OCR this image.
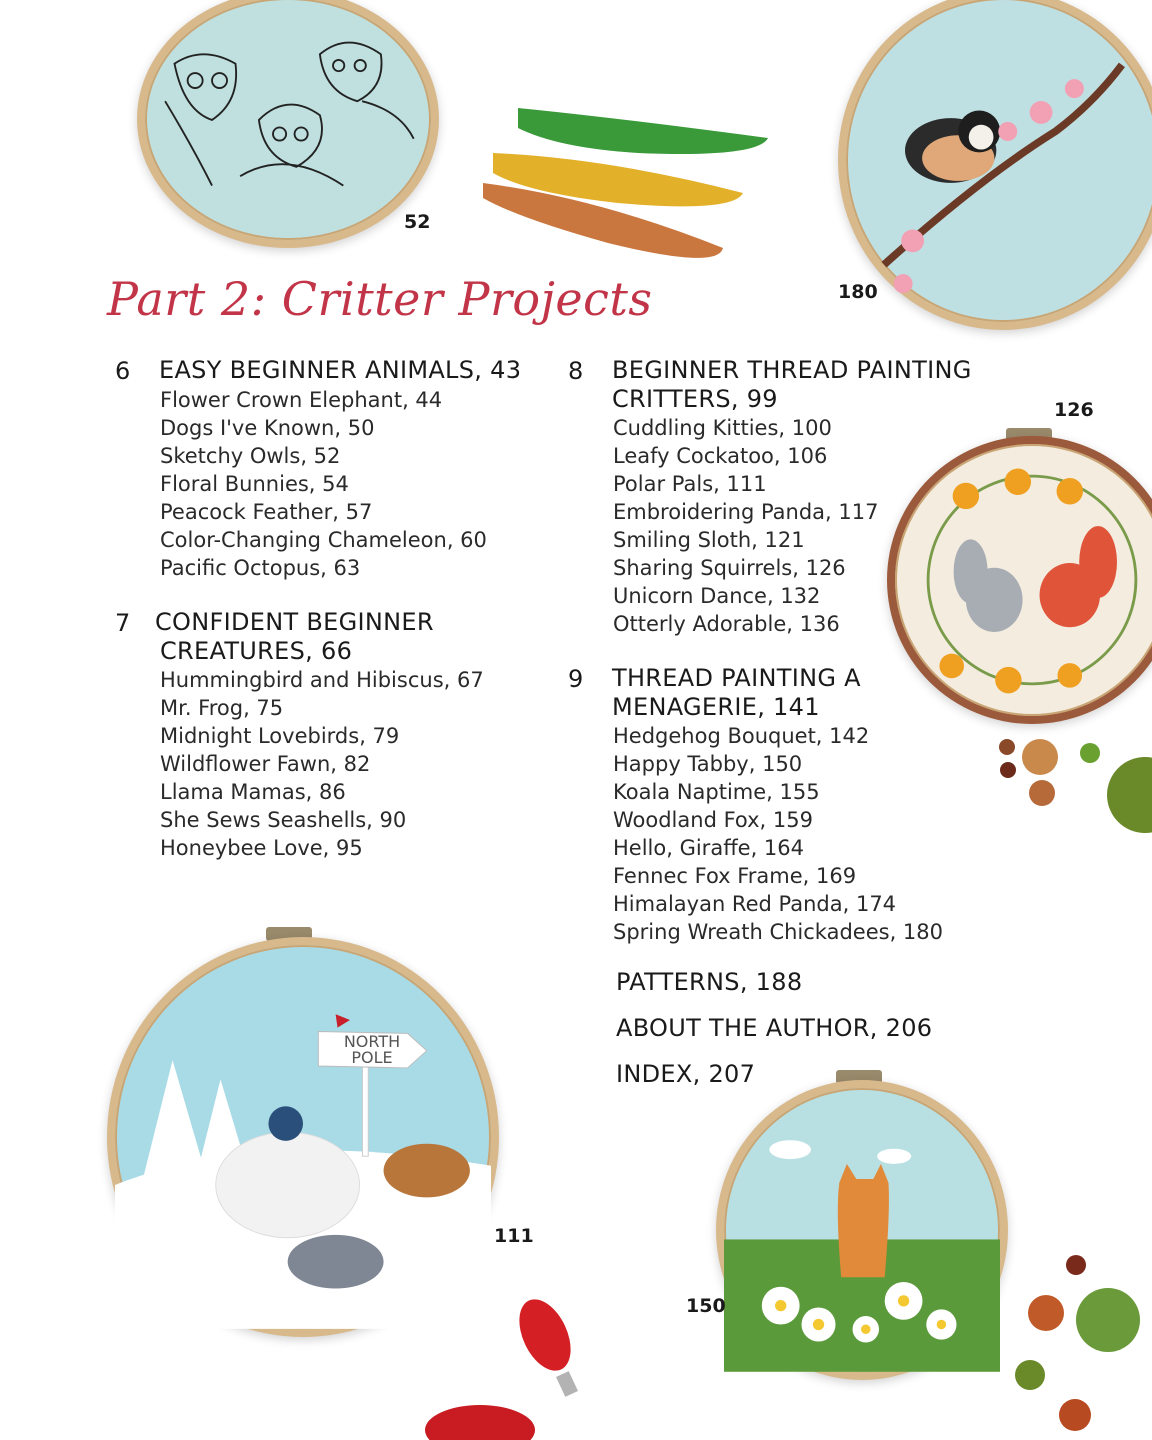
52
180
Part 2: Critter Projects
126
6 EASY BEGINNER ANIMALS, 43
Flower Crown Elephant, 44
Dogs I've Known, 50
Sketchy Owls, 52
Floral Bunnies, 54
Peacock Feather, 57
Color-Changing Chameleon, 60
Pacific Octopus, 63
7 CONFIDENT BEGINNER
CREATURES, 66
Hummingbird and Hibiscus, 67
Mr. Frog, 75
Midnight Lovebirds, 79
Wildflower Fawn, 82
Llama Mamas, 86
She Sews Seashells, 90
Honeybee Love, 95
8 BEGINNER THREAD PAINTING
CRITTERS, 99
Cuddling Kitties, 100
Leafy Cockatoo, 106
Polar Pals, 111
Embroidering Panda, 117
Smiling Sloth, 121
Sharing Squirrels, 126
Unicorn Dance, 132
Otterly Adorable, 136
9 THREAD PAINTING A
MENAGERIE, 141
Hedgehog Bouquet, 142
Happy Tabby, 150
Koala Naptime, 155
Woodland Fox, 159
Hello, Giraffe, 164
Fennec Fox Frame, 169
Himalayan Red Panda, 174
Spring Wreath Chickadees, 180
PATTERNS, 188
ABOUT THE AUTHOR, 206
INDEX, 207
NORTH
POLE
111
150
